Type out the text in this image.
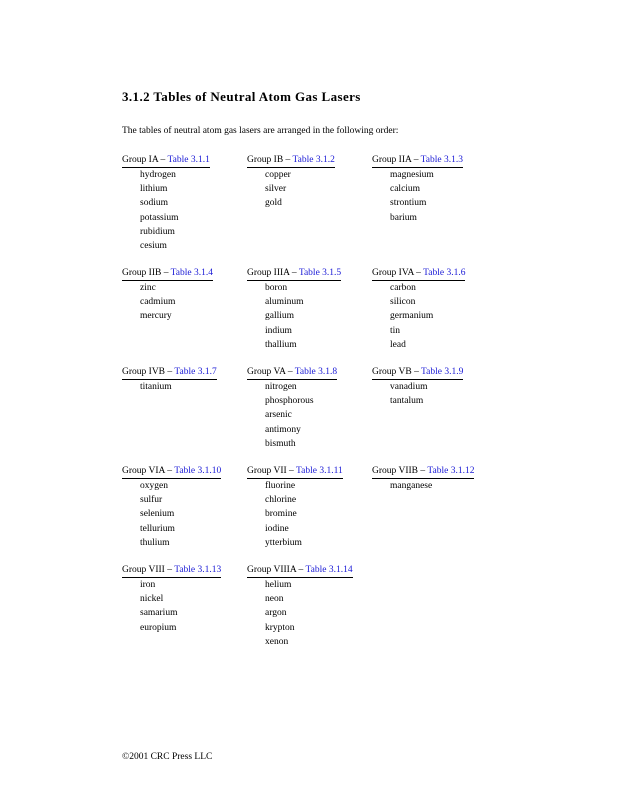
3.1.2 Tables of Neutral Atom Gas Lasers

The tables of neutral atom gas lasers are arranged in the following order:

Group IA – Table 3.1.1
hydrogen
lithium
sodium
potassium
rubidium
cesium
Group IB – Table 3.1.2
copper
silver
gold
Group IIA – Table 3.1.3
magnesium
calcium
strontium
barium
Group IIB – Table 3.1.4
zinc
cadmium
mercury
Group IIIA – Table 3.1.5
boron
aluminum
gallium
indium
thallium
Group IVA – Table 3.1.6
carbon
silicon
germanium
tin
lead
Group IVB – Table 3.1.7
titanium
Group VA – Table 3.1.8
nitrogen
phosphorous
arsenic
antimony
bismuth
Group VB – Table 3.1.9
vanadium
tantalum
Group VIA – Table 3.1.10
oxygen
sulfur
selenium
tellurium
thulium
Group VII – Table 3.1.11
fluorine
chlorine
bromine
iodine
ytterbium
Group VIIB – Table 3.1.12
manganese
Group VIII – Table 3.1.13
iron
nickel
samarium
europium
Group VIIIA – Table 3.1.14
helium
neon
argon
krypton
xenon

©2001 CRC Press LLC
